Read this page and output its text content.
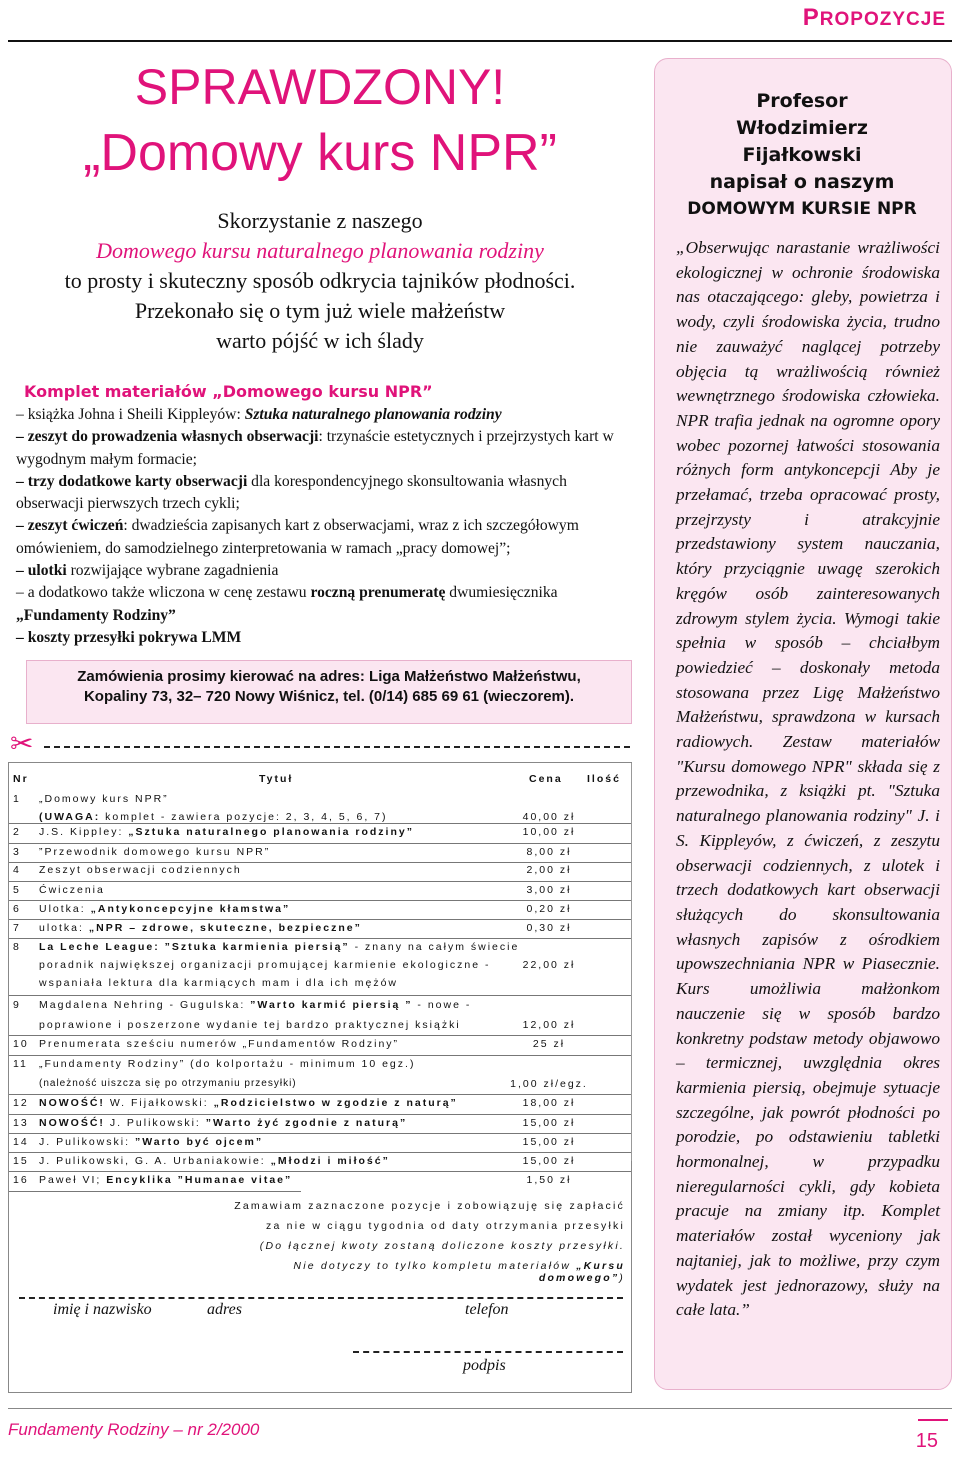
PROPOZYCJE
SPRAWDZONY!
„Domowy kurs NPR”
Skorzystanie z naszego
Domowego kursu naturalnego planowania rodziny
to prosty i skuteczny sposób odkrycia tajników płodności.
Przekonało się o tym już wiele małżeństw
warto pójść w ich ślady
Komplet materiałów „Domowego kursu NPR”

– książka Johna i Sheili Kippleyów: Sztuka naturalnego planowania rodziny

– zeszyt do prowadzenia własnych obserwacji: trzynaście estetycznych i przejrzystych kart w wygodnym małym formacie;

– trzy dodatkowe karty obserwacji dla korespondencyjnego skonsultowania własnych obserwacji pierwszych trzech cykli;

– zeszyt ćwiczeń: dwadzieścia zapisanych kart z obserwacjami, wraz z ich szczegółowym omówieniem, do samodzielnego zinterpretowania w ramach „pracy domowej”;

– ulotki rozwijające wybrane zagadnienia

– a dodatkowo także wliczona w cenę zestawu roczną prenumeratę dwumiesięcznika

„Fundamenty Rodziny”

– koszty przesyłki pokrywa LMM

Zamówienia prosimy kierować na adres: Liga Małżeństwo Małżeństwu,
Kopaliny 73, 32– 720 Nowy Wiśnicz, tel. (0/14) 685 69 61 (wieczorem).
✂
Nr	Tytuł	Cena Ilość
1 „Domowy kurs NPR”
(UWAGA: komplet - zawiera pozycje: 2, 3, 4, 5, 6, 7)	40,00 zł
2 J.S. Kippley: „Sztuka naturalnego planowania rodziny”	10,00 zł
3 ”Przewodnik domowego kursu NPR”	8,00 zł
4 Zeszyt obserwacji codziennych	2,00 zł
5 Ćwiczenia	3,00 zł
6 Ulotka: „Antykoncepcyjne kłamstwa”	0,20 zł
7 ulotka: „NPR – zdrowe, skuteczne, bezpieczne”	0,30 zł
8 La Leche League: ”Sztuka karmienia piersią” - znany na całym świecie
poradnik największej organizacji promującej karmienie ekologiczne -
wspaniała lektura dla karmiących mam i dla ich mężów
22,00 zł
9 Magdalena Nehring - Gugulska: ”Warto karmić piersią ” - nowe -
poprawione i poszerzone wydanie tej bardzo praktycznej książki	12,00 zł
10 Prenumerata sześciu numerów „Fundamentów Rodziny”	25 zł
11 „Fundamenty Rodziny” (do kolportażu - minimum 10 egz.)
(należność uiszcza się po otrzymaniu przesyłki)	1,00 zł/egz.
12 NOWOŚĆ! W. Fijałkowski: „Rodzicielstwo w zgodzie z naturą”	18,00 zł
13 NOWOŚĆ! J. Pulikowski: ”Warto żyć zgodnie z naturą”	15,00 zł
14 J. Pulikowski: ”Warto być ojcem”	15,00 zł
15 J. Pulikowski, G. A. Urbaniakowie: „Młodzi i miłość”	15,00 zł
16 Paweł VI; Encyklika ”Humanae vitae”	1,50 zł
Zamawiam zaznaczone pozycje i zobowiązuję się zapłacić
za nie w ciągu tygodnia od daty otrzymania przesyłki
(Do łącznej kwoty zostaną doliczone koszty przesyłki.
Nie dotyczy to tylko kompletu materiałów „Kursu domowego”)
imię i nazwisko	adres	telefon
podpis
Profesor
Włodzimierz
Fijałkowski
napisał o naszym
DOMOWYM KURSIE NPR

„Obserwując narastanie wrażliwości ekologicznej w ochronie środowiska nas otaczającego: gleby, powietrza i wody, czyli środowiska życia, trudno nie zauważyć naglącej potrzeby objęcia tą wrażliwością również wewnętrznego środowiska człowieka. NPR trafia jednak na ogromne opory wobec pozornej łatwości stosowania różnych form antykoncepcji Aby je przełamać, trzeba opracować prosty, przejrzysty i atrakcyjnie przedstawiony system nauczania, który przyciągnie uwagę szerokich kręgów osób zainteresowanych zdrowym stylem życia. Wymogi takie spełnia w sposób – chciałbym powiedzieć – doskonały metoda stosowana przez Ligę Małżeństwo Małżeństwu, sprawdzona w kursach radiowych. Zestaw materiałów "Kursu domowego NPR" składa się z przewodnika, z książki pt. "Sztuka naturalnego planowania rodziny" J. i S. Kippleyów, z ćwiczeń, z zeszytu obserwacji codziennych, z ulotek i trzech dodatkowych kart obserwacji służących do skonsultowania własnych zapisów z ośrodkiem upowszechniania NPR w Piasecznie. Kurs umożliwia małżonkom nauczenie się w sposób bardzo konkretny podstaw metody objawowo – termicznej, uwzględnia okres karmienia piersią, obejmuje sytuacje szczególne, jak powrót płodności po porodzie, po odstawieniu tabletki hormonalnej, w przypadku nieregularności cykli, gdy kobieta pracuje na zmiany itp. Komplet materiałów został wyceniony jak najtaniej, jak to możliwe, przy czym wydatek jest jednorazowy, służy na całe lata.”

Fundamenty Rodziny – nr 2/2000
15
